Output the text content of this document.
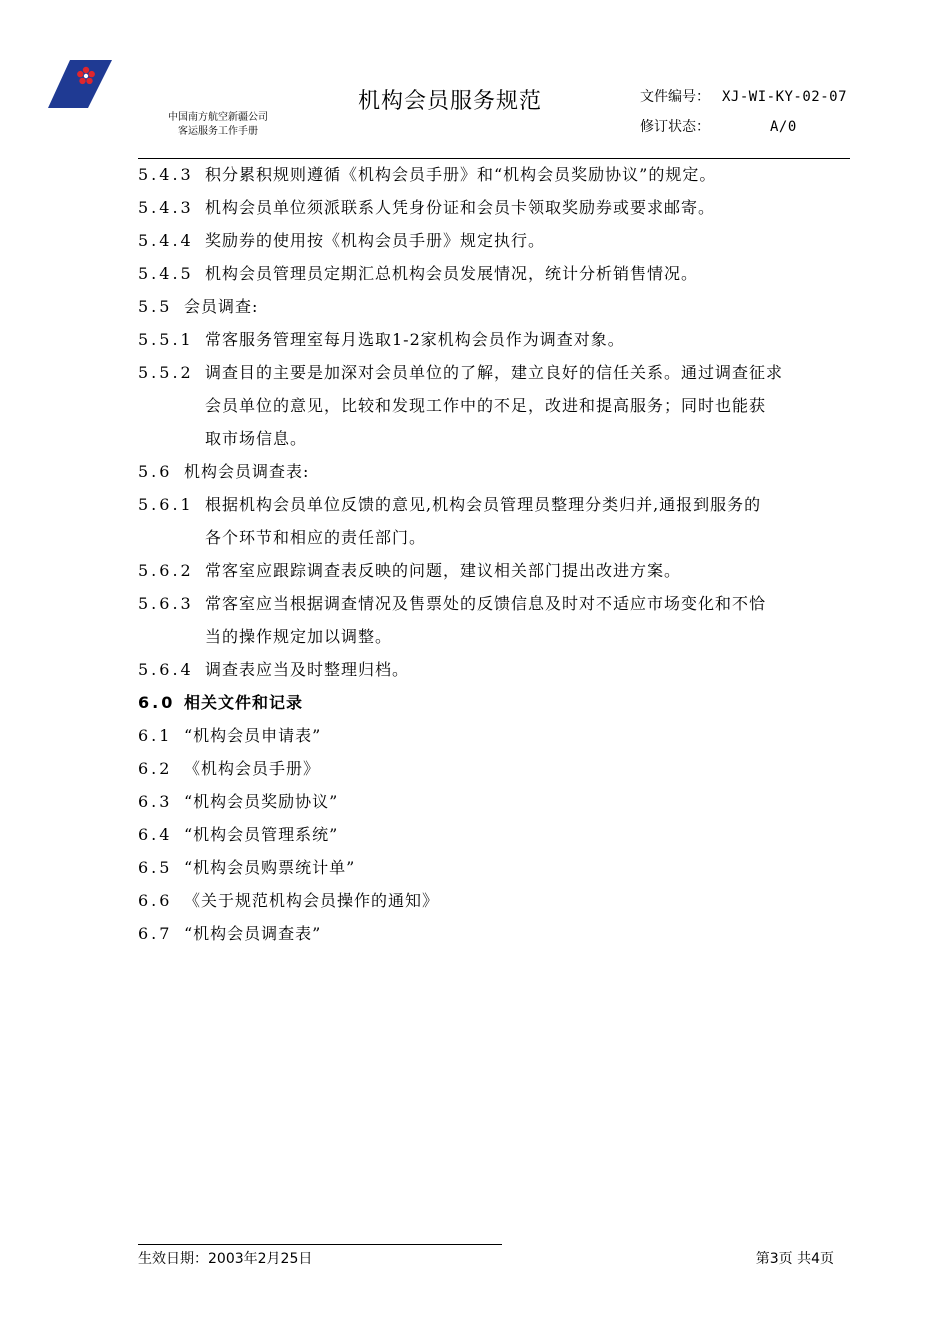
中国南方航空新疆公司
客运服务工作手册
机构会员服务规范	文件编号： XJ-WI-KY-02-07
修订状态：	A/0
5.4.3 积分累积规则遵循《机构会员手册》和“机构会员奖励协议”的规定。
5.4.3 机构会员单位须派联系人凭身份证和会员卡领取奖励券或要求邮寄。
5.4.4 奖励券的使用按《机构会员手册》规定执行。
5.4.5 机构会员管理员定期汇总机构会员发展情况，统计分析销售情况。
5.5 会员调查:
5.5.1 常客服务管理室每月选取1-2家机构会员作为调查对象。
5.5.2 调查目的主要是加深对会员单位的了解，建立良好的信任关系。通过调查征求
会员单位的意见，比较和发现工作中的不足，改进和提高服务；同时也能获
取市场信息。
5.6 机构会员调查表:
5.6.1 根据机构会员单位反馈的意见,机构会员管理员整理分类归并,通报到服务的
各个环节和相应的责任部门。
5.6.2 常客室应跟踪调查表反映的问题，建议相关部门提出改进方案。
5.6.3 常客室应当根据调查情况及售票处的反馈信息及时对不适应市场变化和不恰
当的操作规定加以调整。
5.6.4 调查表应当及时整理归档。
6.0 相关文件和记录
6.1 “机构会员申请表”
6.2 《机构会员手册》
6.3 “机构会员奖励协议”
6.4 “机构会员管理系统”
6.5 “机构会员购票统计单”
6.6 《关于规范机构会员操作的通知》
6.7 “机构会员调查表”
生效日期：2003年2月25日	第3页 共4页
